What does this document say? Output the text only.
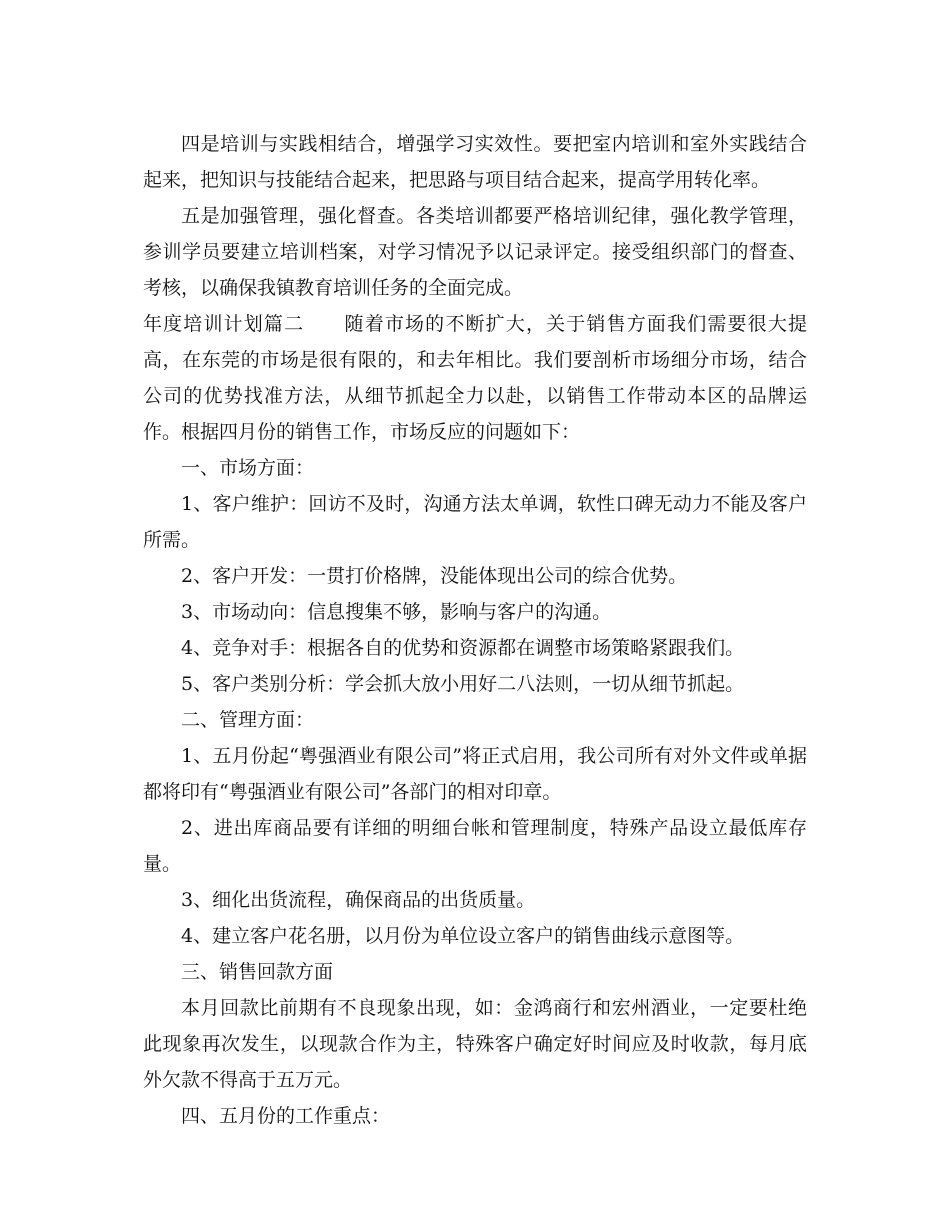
四是培训与实践相结合，增强学习实效性。要把室内培训和室外实践结合起来，把知识与技能结合起来，把思路与项目结合起来，提高学用转化率。

五是加强管理，强化督查。各类培训都要严格培训纪律，强化教学管理，参训学员要建立培训档案，对学习情况予以记录评定。接受组织部门的督查、考核，以确保我镇教育培训任务的全面完成。

年度培训计划篇二　　随着市场的不断扩大，关于销售方面我们需要很大提高，在东莞的市场是很有限的，和去年相比。我们要剖析市场细分市场，结合公司的优势找准方法，从细节抓起全力以赴，以销售工作带动本区的品牌运作。根据四月份的销售工作，市场反应的问题如下：

一、市场方面：

1、客户维护：回访不及时，沟通方法太单调，软性口碑无动力不能及客户所需。

2、客户开发：一贯打价格牌，没能体现出公司的综合优势。

3、市场动向：信息搜集不够，影响与客户的沟通。

4、竞争对手：根据各自的优势和资源都在调整市场策略紧跟我们。

5、客户类别分析：学会抓大放小用好二八法则，一切从细节抓起。

二、管理方面：

1、五月份起“粤强酒业有限公司”将正式启用，我公司所有对外文件或单据都将印有“粤强酒业有限公司”各部门的相对印章。

2、进出库商品要有详细的明细台帐和管理制度，特殊产品设立最低库存量。

3、细化出货流程，确保商品的出货质量。

4、建立客户花名册，以月份为单位设立客户的销售曲线示意图等。

三、销售回款方面

本月回款比前期有不良现象出现，如：金鸿商行和宏州酒业，一定要杜绝此现象再次发生，以现款合作为主，特殊客户确定好时间应及时收款，每月底外欠款不得高于五万元。

四、五月份的工作重点：
